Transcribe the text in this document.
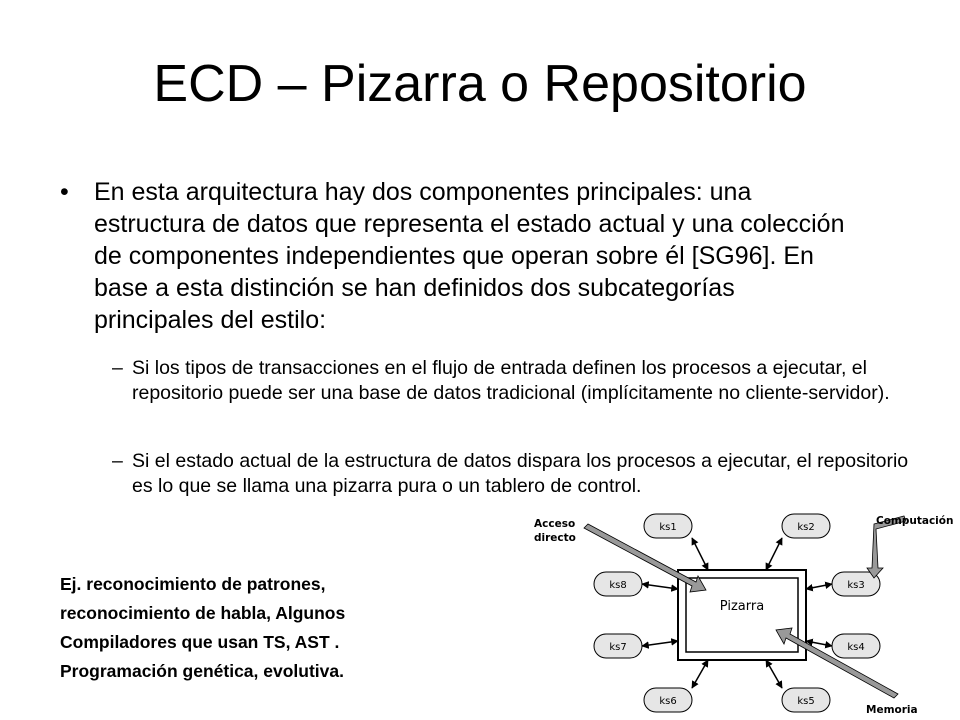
ECD – Pizarra o Repositorio
• En esta arquitectura hay dos componentes principales: una estructura de datos que representa el estado actual y una colección de componentes independientes que operan sobre él [SG96]. En base a esta distinción se han definidos dos subcategorías principales del estilo:
– Si los tipos de transacciones en el flujo de entrada definen los procesos a ejecutar, el repositorio puede ser una base de datos tradicional (implícitamente no cliente-servidor).
– Si el estado actual de la estructura de datos dispara los procesos a ejecutar, el repositorio es lo que se llama una pizarra pura o un tablero de control.
Ej. reconocimiento de patrones,
reconocimiento de habla, Algunos
Compiladores que usan TS, AST .
Programación genética, evolutiva.
Pizarra
ks1	ks2
ks3
ks4
ks5
ks6
ks7
ks8
Acceso
directo
Computación
Memoria
